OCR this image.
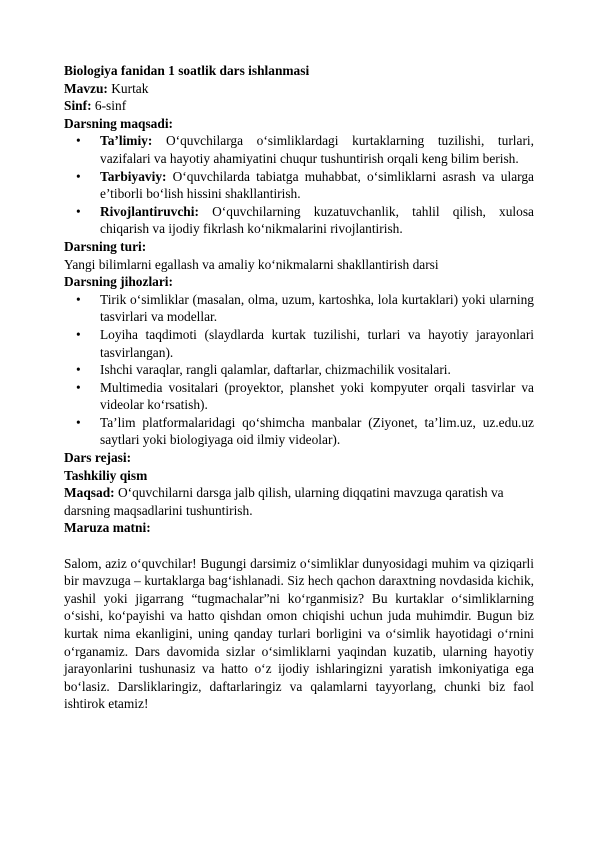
Biologiya fanidan 1 soatlik dars ishlanmasi

Mavzu: Kurtak

Sinf: 6-sinf

Darsning maqsadi:

• Ta’limiy: O‘quvchilarga o‘simliklardagi kurtaklarning tuzilishi, turlari, vazifalari va hayotiy ahamiyatini chuqur tushuntirish orqali keng bilim berish.
• Tarbiyaviy: O‘quvchilarda tabiatga muhabbat, o‘simliklarni asrash va ularga e’tiborli bo‘lish hissini shakllantirish.
• Rivojlantiruvchi: O‘quvchilarning kuzatuvchanlik, tahlil qilish, xulosa chiqarish va ijodiy fikrlash ko‘nikmalarini rivojlantirish.

Darsning turi:

Yangi bilimlarni egallash va amaliy ko‘nikmalarni shakllantirish darsi

Darsning jihozlari:

• Tirik o‘simliklar (masalan, olma, uzum, kartoshka, lola kurtaklari) yoki ularning tasvirlari va modellar.
• Loyiha taqdimoti (slaydlarda kurtak tuzilishi, turlari va hayotiy jarayonlari tasvirlangan).
• Ishchi varaqlar, rangli qalamlar, daftarlar, chizmachilik vositalari.
• Multimedia vositalari (proyektor, planshet yoki kompyuter orqali tasvirlar va videolar ko‘rsatish).
• Ta’lim platformalaridagi qo‘shimcha manbalar (Ziyonet, ta’lim.uz, uz.edu.uz saytlari yoki biologiyaga oid ilmiy videolar).

Dars rejasi:

Tashkiliy qism

Maqsad: O‘quvchilarni darsga jalb qilish, ularning diqqatini mavzuga qaratish va darsning maqsadlarini tushuntirish.

Maruza matni:

Salom, aziz o‘quvchilar! Bugungi darsimiz o‘simliklar dunyosidagi muhim va qiziqarli bir mavzuga – kurtaklarga bag‘ishlanadi. Siz hech qachon daraxtning novdasida kichik, yashil yoki jigarrang “tugmachalar”ni ko‘rganmisiz? Bu kurtaklar o‘simliklarning o‘sishi, ko‘payishi va hatto qishdan omon chiqishi uchun juda muhimdir. Bugun biz kurtak nima ekanligini, uning qanday turlari borligini va o‘simlik hayotidagi o‘rnini o‘rganamiz. Dars davomida sizlar o‘simliklarni yaqindan kuzatib, ularning hayotiy jarayonlarini tushunasiz va hatto o‘z ijodiy ishlaringizni yaratish imkoniyatiga ega bo‘lasiz. Darsliklaringiz, daftarlaringiz va qalamlarni tayyorlang, chunki biz faol ishtirok etamiz!
